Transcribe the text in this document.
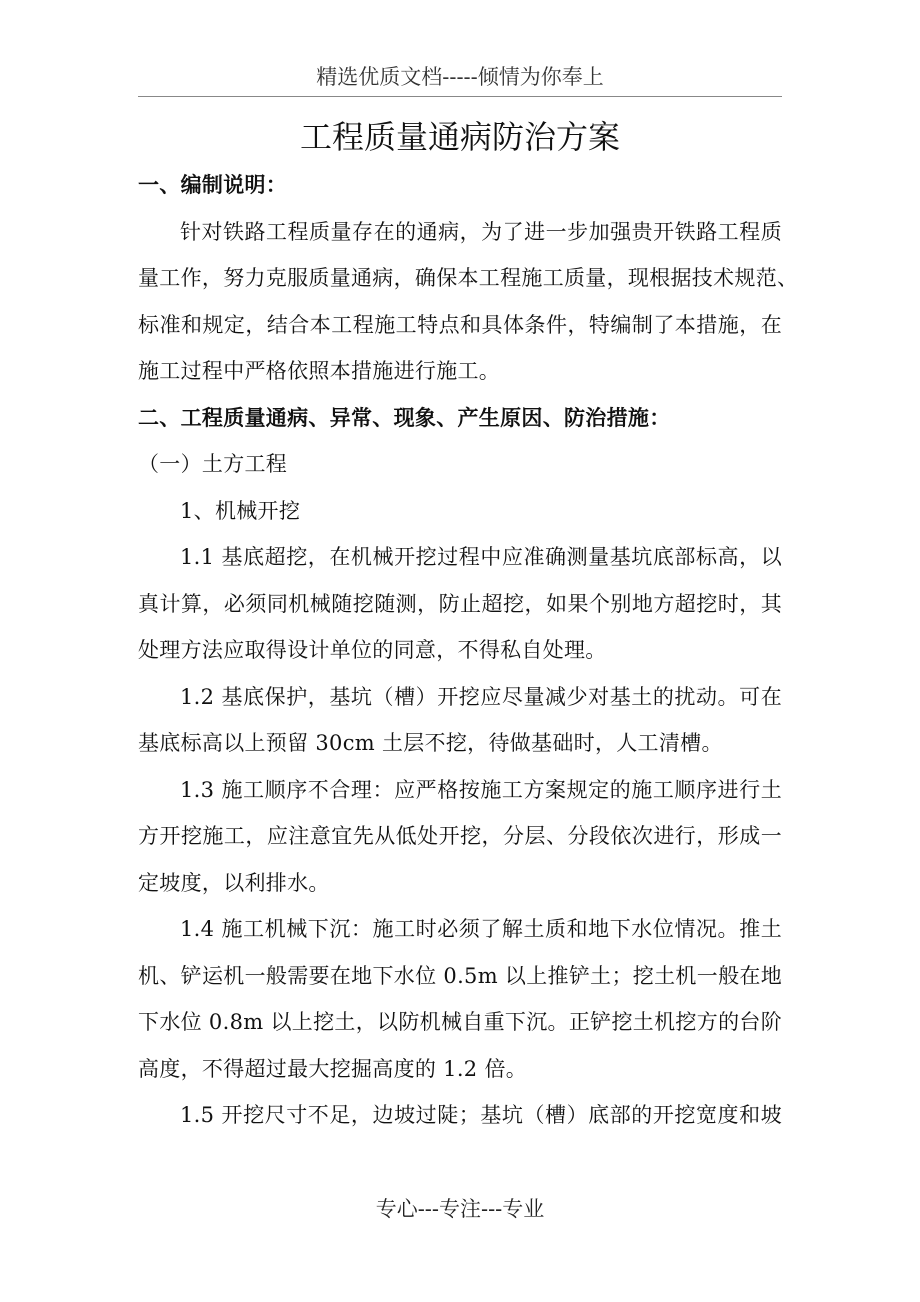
精选优质文档-----倾情为你奉上
工程质量通病防治方案
一、编制说明：
针对铁路工程质量存在的通病，为了进一步加强贵开铁路工程质
量工作，努力克服质量通病，确保本工程施工质量，现根据技术规范、
标准和规定，结合本工程施工特点和具体条件，特编制了本措施，在
施工过程中严格依照本措施进行施工。
二、工程质量通病、异常、现象、产生原因、防治措施：
（一）土方工程
1、机械开挖
1.1 基底超挖，在机械开挖过程中应准确测量基坑底部标高，以
真计算，必须同机械随挖随测，防止超挖，如果个别地方超挖时，其
处理方法应取得设计单位的同意，不得私自处理。
1.2 基底保护，基坑（槽）开挖应尽量减少对基土的扰动。可在
基底标高以上预留 30cm 土层不挖，待做基础时，人工清槽。
1.3 施工顺序不合理：应严格按施工方案规定的施工顺序进行土
方开挖施工，应注意宜先从低处开挖，分层、分段依次进行，形成一
定坡度，以利排水。
1.4 施工机械下沉：施工时必须了解土质和地下水位情况。推土
机、铲运机一般需要在地下水位 0.5m 以上推铲土；挖土机一般在地
下水位 0.8m 以上挖土，以防机械自重下沉。正铲挖土机挖方的台阶
高度，不得超过最大挖掘高度的 1.2 倍。
1.5 开挖尺寸不足，边坡过陡；基坑（槽）底部的开挖宽度和坡
专心---专注---专业
